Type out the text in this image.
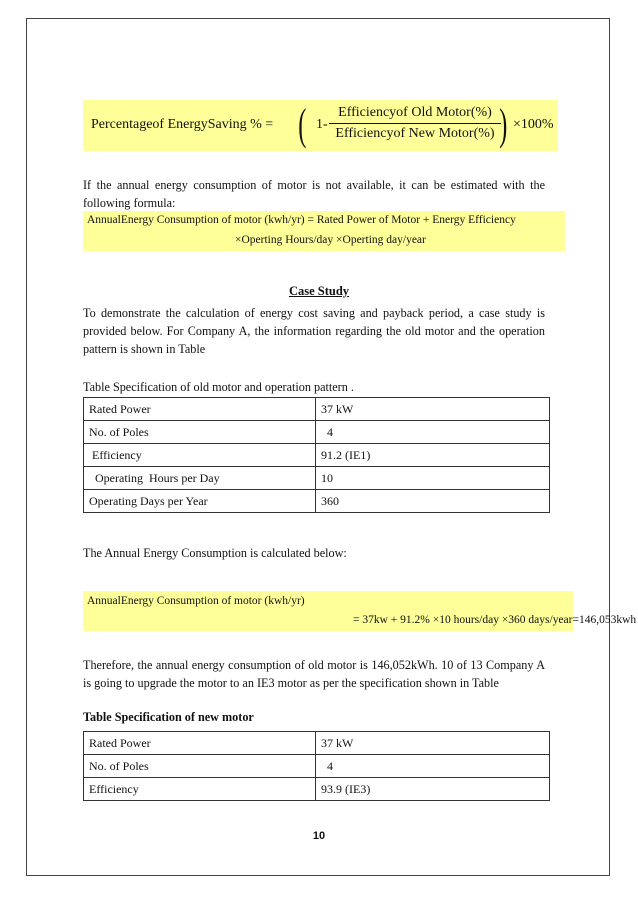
Percentageof EnergySaving % = ( 1-
Efficiencyof Old Motor(%)
Efficiencyof New Motor(%) ) ×100%
If the annual energy consumption of motor is not available, it can be estimated with the following formula:
AnnualEnergy Consumption of motor (kwh/yr) = Rated Power of Motor + Energy Efficiency
×Operting Hours/day ×Operting day/year
Case Study
To demonstrate the calculation of energy cost saving and payback period, a case study is provided below. For Company A, the information regarding the old motor and the operation pattern is shown in Table
Table Specification of old motor and operation pattern .
Rated Power	37 kW
No. of Poles	4
Efficiency	91.2 (IE1)
Operating  Hours per Day	10
Operating Days per Year	360
The Annual Energy Consumption is calculated below:
AnnualEnergy Consumption of motor (kwh/yr)
= 37kw + 91.2% ×10 hours/day ×360 days/year=146,053kwh
Therefore, the annual energy consumption of old motor is 146,052kWh. 10 of 13 Company A is going to upgrade the motor to an IE3 motor as per the specification shown in Table
Table Specification of new motor
Rated Power	37 kW
No. of Poles	4
Efficiency	93.9 (IE3)
10
